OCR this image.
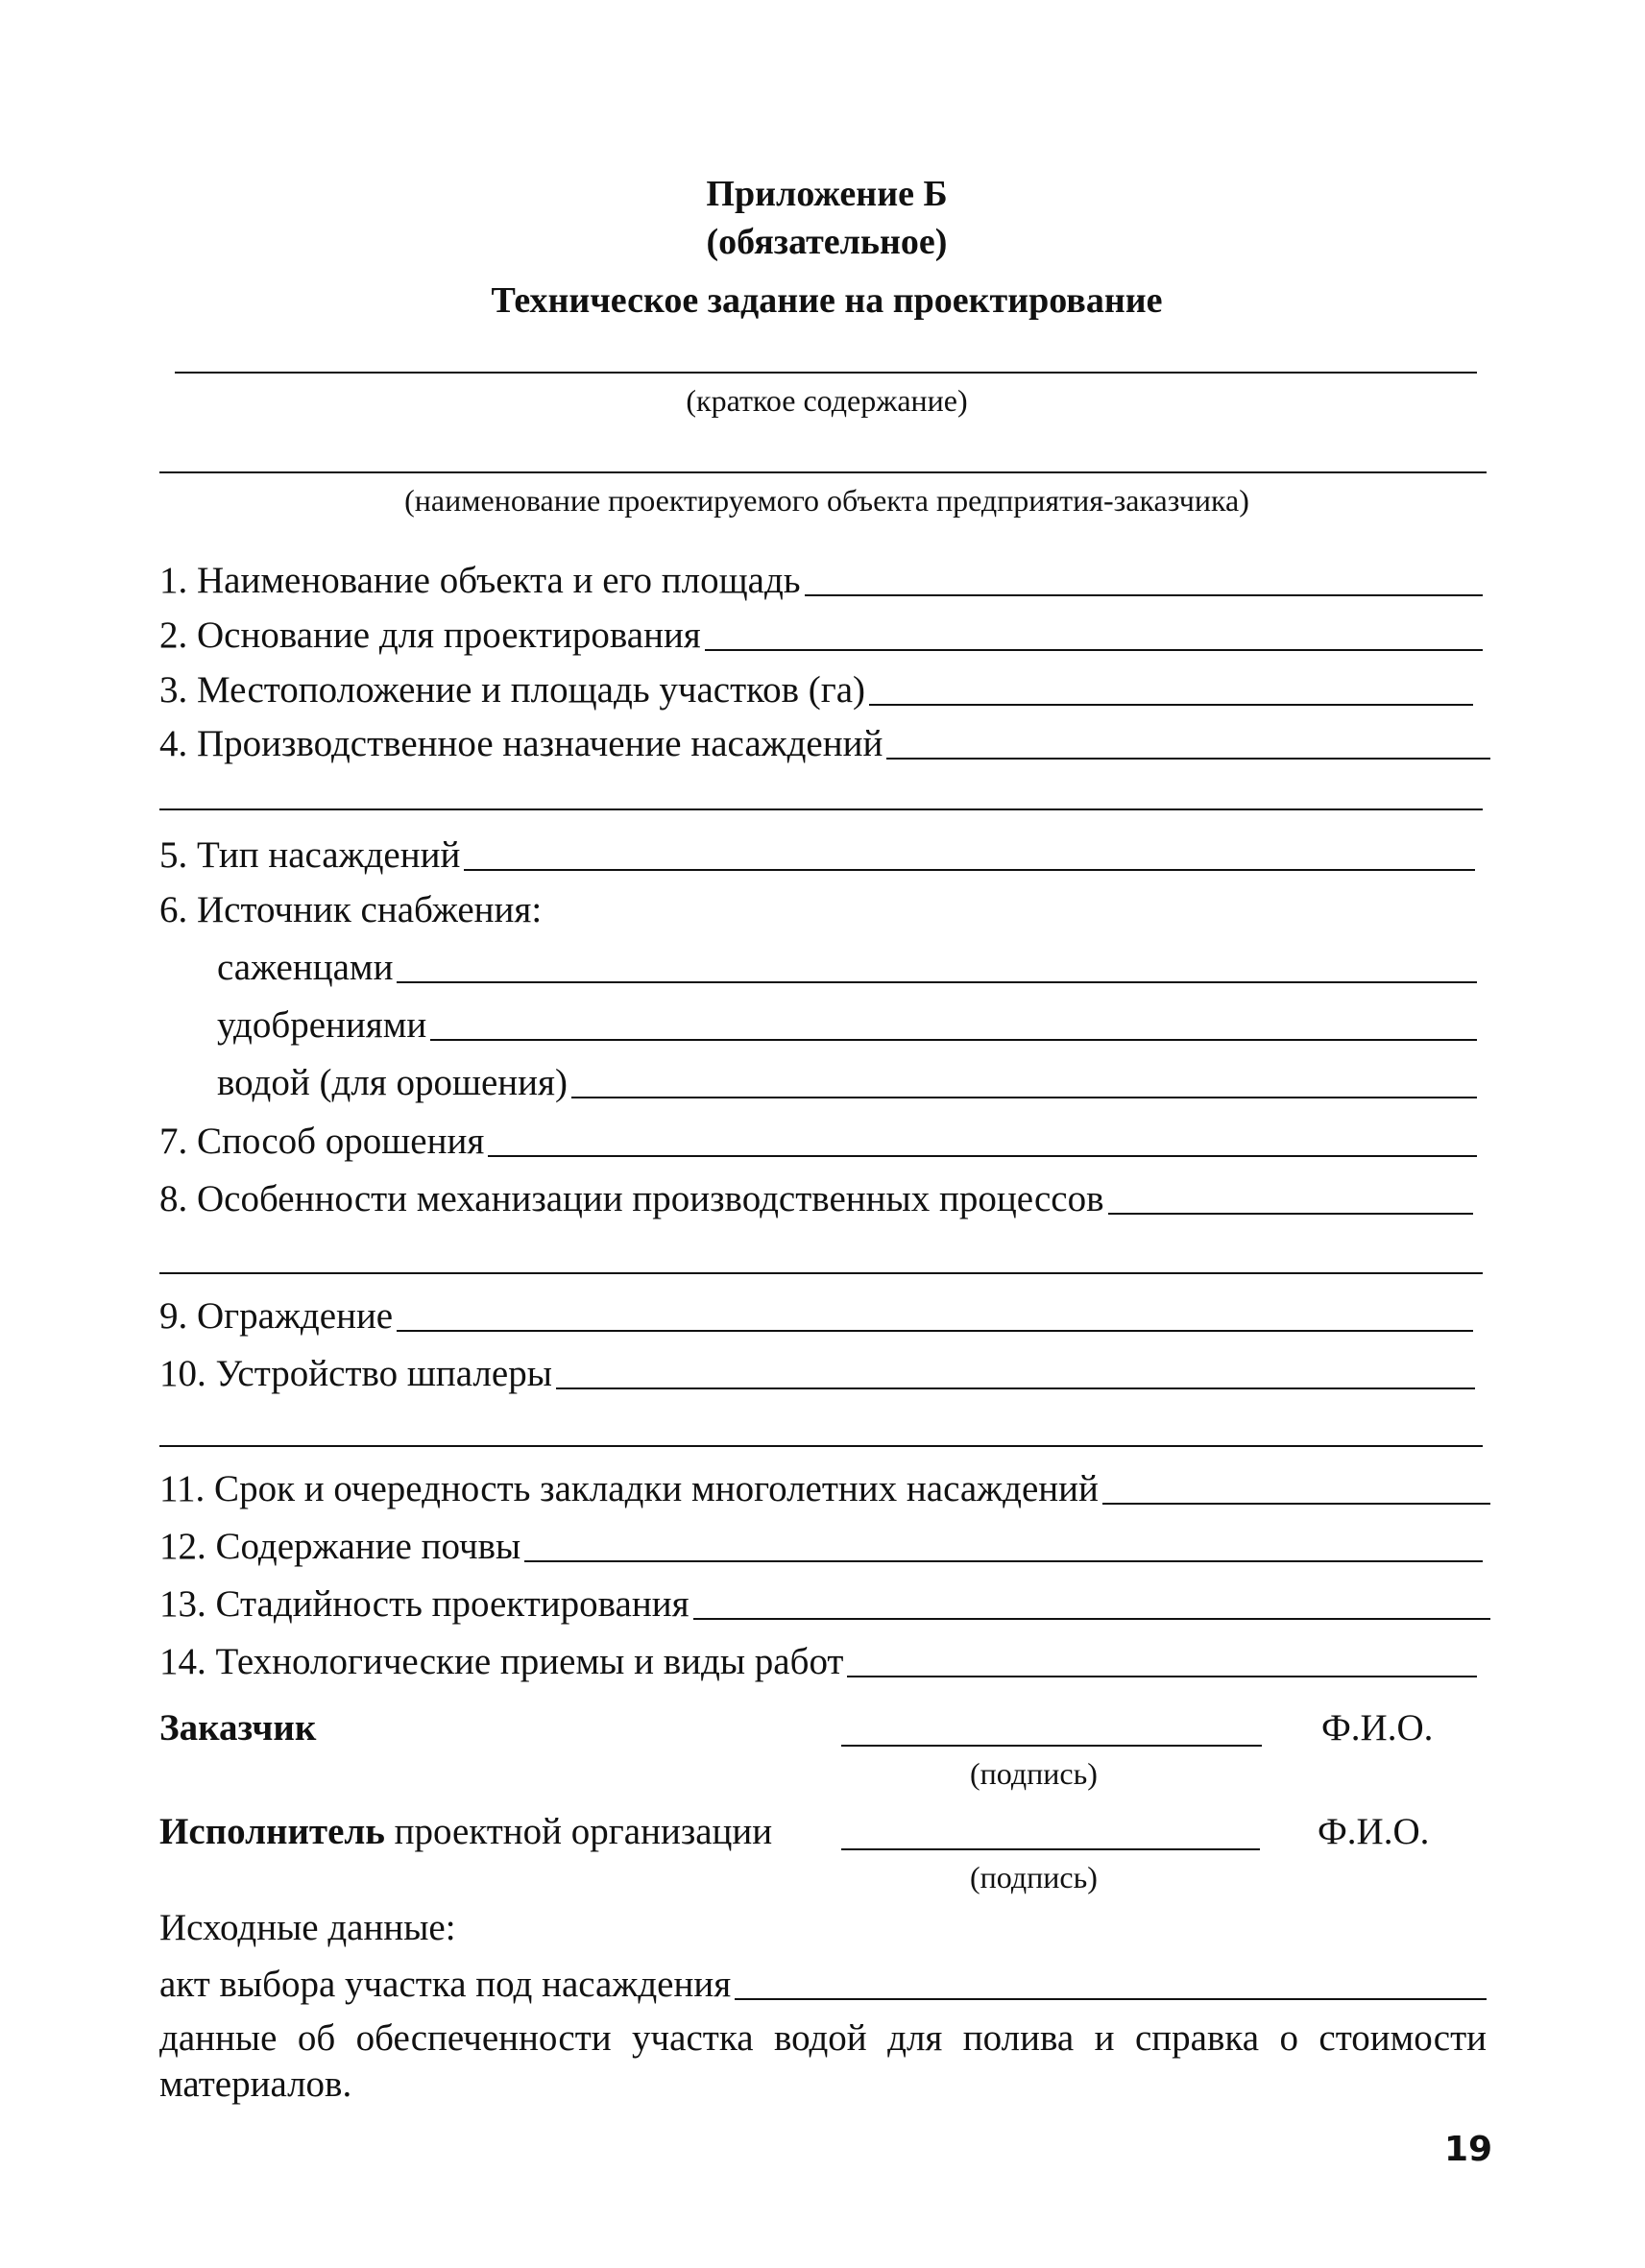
Приложение Б
(обязательное)
Техническое задание на проектирование
(краткое содержание)
(наименование проектируемого объекта предприятия-заказчика)
1. Наименование объекта и его площадь
2. Основание для проектирования
3. Местоположение и площадь участков (га)
4. Производственное назначение насаждений
5. Тип насаждений
6. Источник снабжения:
саженцами
удобрениями
водой (для орошения)
7. Способ орошения
8. Особенности механизации производственных процессов
9. Ограждение
10. Устройство шпалеры
11. Срок и очередность закладки многолетних насаждений
12. Содержание почвы
13. Стадийность проектирования
14. Технологические приемы и виды работ
Заказчик	Ф.И.О.
(подпись)
Исполнитель проектной организации	Ф.И.О.
(подпись)
Исходные данные:
акт выбора участка под насаждения
данные об обеспеченности участка водой для полива и справка о стоимости
материалов.
19
